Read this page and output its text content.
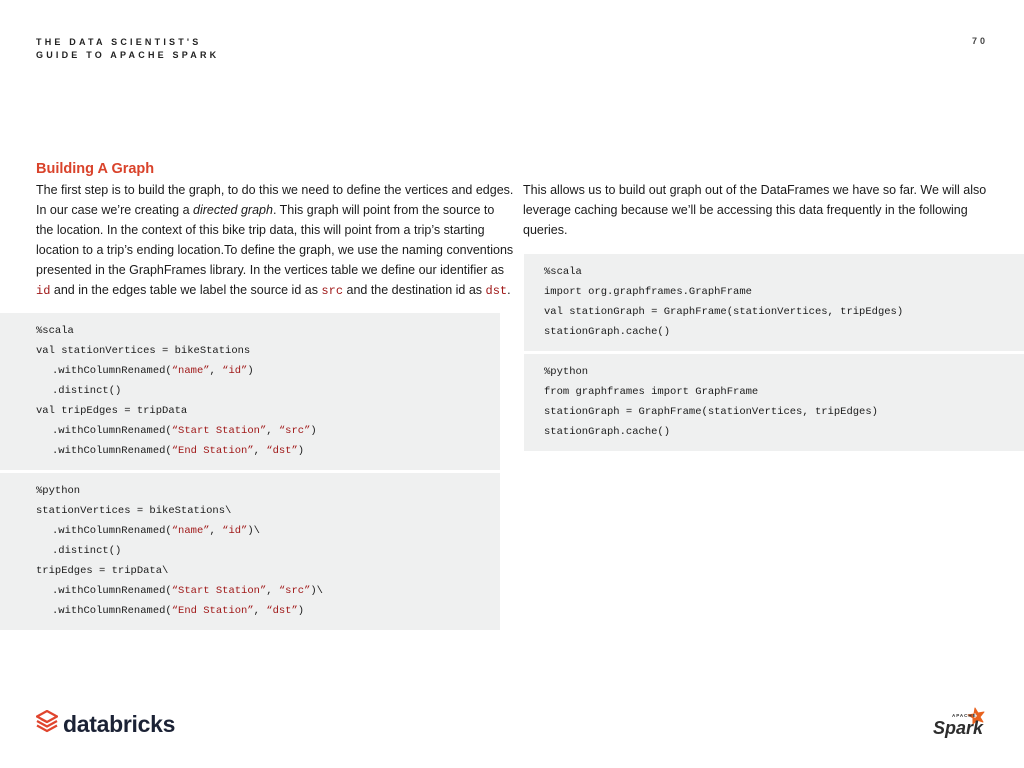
THE DATA SCIENTIST'S
GUIDE TO APACHE SPARK
70
Building A Graph
The first step is to build the graph, to do this we need to define the vertices and edges.
In our case we’re creating a directed graph. This graph will point from the source to
the location. In the context of this bike trip data, this will point from a trip’s starting
location to a trip’s ending location.To define the graph, we use the naming conventions
presented in the GraphFrames library. In the vertices table we define our identifier as
id and in the edges table we label the source id as src and the destination id as dst.
This allows us to build out graph out of the DataFrames we have so far. We will also
leverage caching because we’ll be accessing this data frequently in the following
queries.
%scala
val stationVertices = bikeStations
.withColumnRenamed(“name”, “id”)
.distinct()
val tripEdges = tripData
.withColumnRenamed(“Start Station”, “src”)
.withColumnRenamed(“End Station”, “dst”)
%python
stationVertices = bikeStations\
.withColumnRenamed(“name”, “id”)\
.distinct()
tripEdges = tripData\
.withColumnRenamed(“Start Station”, “src”)\
.withColumnRenamed(“End Station”, “dst”)
%scala
import org.graphframes.GraphFrame
val stationGraph = GraphFrame(stationVertices, tripEdges)
stationGraph.cache()
%python
from graphframes import GraphFrame
stationGraph = GraphFrame(stationVertices, tripEdges)
stationGraph.cache()
databricks	APACHE
Spark
